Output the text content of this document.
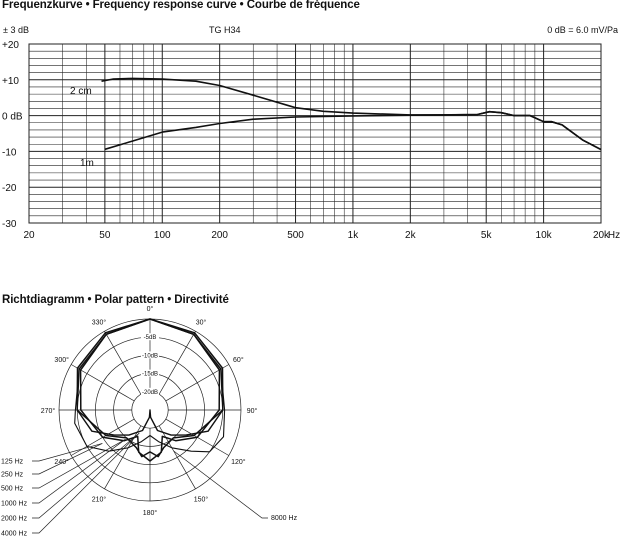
Frequenzkurve • Frequency response curve • Courbe de fréquence
± 3 dB	TG H34	0 dB = 6.0 mV/Pa
Richtdiagramm • Polar pattern • Directivité
2 cm
1m
+20
+10
0 dB
-10
-20
-30
20	50	100	200	500	1k	2k	5k	10k	20k
Hz
-5dB
-10dB
-15dB
-20dB
0°
30°
60°
90°
120°
150°
180°
210°
240°
270°
300°
330°
125 Hz
250 Hz
500 Hz
1000 Hz
2000 Hz
4000 Hz
8000 Hz
